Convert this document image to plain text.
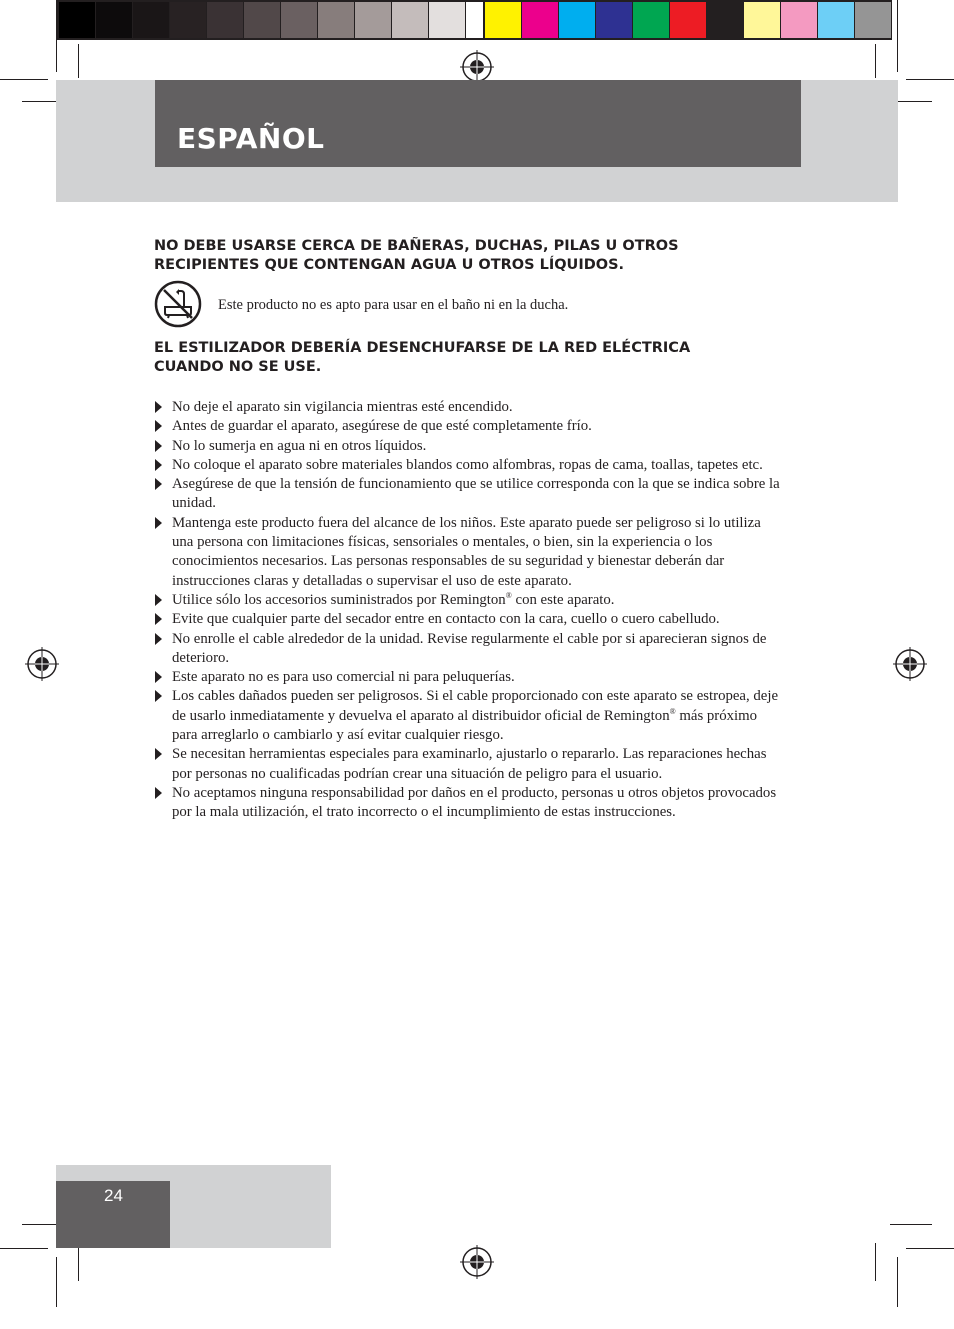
ESPAÑOL

NO DEBE USARSE CERCA DE BAÑERAS, DUCHAS, PILAS U OTROS
RECIPIENTES QUE CONTENGAN AGUA U OTROS LÍQUIDOS.

Este producto no es apto para usar en el baño ni en la ducha.

EL ESTILIZADOR DEBERÍA DESENCHUFARSE DE LA RED ELÉCTRICA
CUANDO NO SE USE.

No deje el aparato sin vigilancia mientras esté encendido.
Antes de guardar el aparato, asegúrese de que esté completamente frío.
No lo sumerja en agua ni en otros líquidos.
No coloque el aparato sobre materiales blandos como alfombras, ropas de cama, toallas, tapetes etc.
Asegúrese de que la tensión de funcionamiento que se utilice corresponda con la que se indica sobre la unidad.
Mantenga este producto fuera del alcance de los niños. Este aparato puede ser peligroso si lo utiliza una persona con limitaciones físicas, sensoriales o mentales, o bien, sin la experiencia o los conocimientos necesarios. Las personas responsables de su seguridad y bienestar deberán dar instrucciones claras y detalladas o supervisar el uso de este aparato.
Utilice sólo los accesorios suministrados por Remington® con este aparato.
Evite que cualquier parte del secador entre en contacto con la cara, cuello o cuero cabelludo.
No enrolle el cable alrededor de la unidad. Revise regularmente el cable por si aparecieran signos de deterioro.
Este aparato no es para uso comercial ni para peluquerías.
Los cables dañados pueden ser peligrosos. Si el cable proporcionado con este aparato se estropea, deje de usarlo inmediatamente y devuelva el aparato al distribuidor oficial de Remington® más próximo para arreglarlo o cambiarlo y así evitar cualquier riesgo.
Se necesitan herramientas especiales para examinarlo, ajustarlo o repararlo. Las reparaciones hechas por personas no cualificadas podrían crear una situación de peligro para el usuario.
No aceptamos ninguna responsabilidad por daños en el producto, personas u otros objetos provocados por la mala utilización, el trato incorrecto o el incumplimiento de estas instrucciones.
24
